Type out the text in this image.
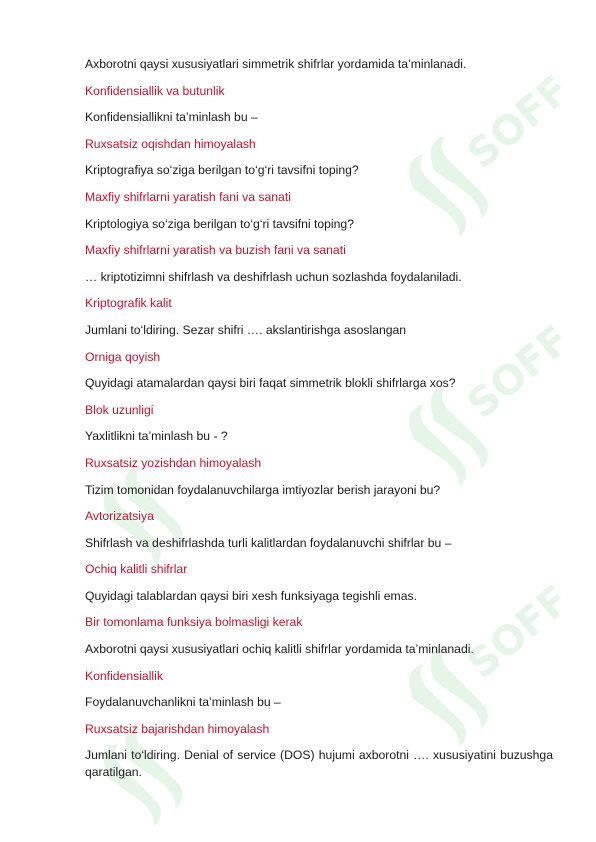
SOFF
SOFF
SOFF
Axborotni qaysi xususiyatlari simmetrik shifrlar yordamida ta’minlanadi.
Konfidensiallik va butunlik
Konfidensiallikni ta’minlash bu –
Ruxsatsiz oqishdan himoyalash
Kriptografiya so‘ziga berilgan to‘g‘ri tavsifni toping?
Maxfiy shifrlarni yaratish fani va sanati
Kriptologiya so‘ziga berilgan to‘g‘ri tavsifni toping?
Maxfiy shifrlarni yaratish va buzish fani va sanati
… kriptotizimni shifrlash va deshifrlash uchun sozlashda foydalaniladi.
Kriptografik kalit
Jumlani to‘ldiring. Sezar shifri …. akslantirishga asoslangan
Orniga qoyish
Quyidagi atamalardan qaysi biri faqat simmetrik blokli shifrlarga xos?
Blok uzunligi
Yaxlitlikni ta’minlash bu - ?
Ruxsatsiz yozishdan himoyalash
Tizim tomonidan foydalanuvchilarga imtiyozlar berish jarayoni bu?
Avtorizatsiya
Shifrlash va deshifrlashda turli kalitlardan foydalanuvchi shifrlar bu –
Ochiq kalitli shifrlar
Quyidagi talablardan qaysi biri xesh funksiyaga tegishli emas.
Bir tomonlama funksiya bolmasligi kerak
Axborotni qaysi xususiyatlari ochiq kalitli shifrlar yordamida ta’minlanadi.
Konfidensiallik
Foydalanuvchanlikni ta’minlash bu –
Ruxsatsiz bajarishdan himoyalash
Jumlani to‘ldiring. Denial of service (DOS) hujumi axborotni …. xususiyatini buzushga qaratilgan.
